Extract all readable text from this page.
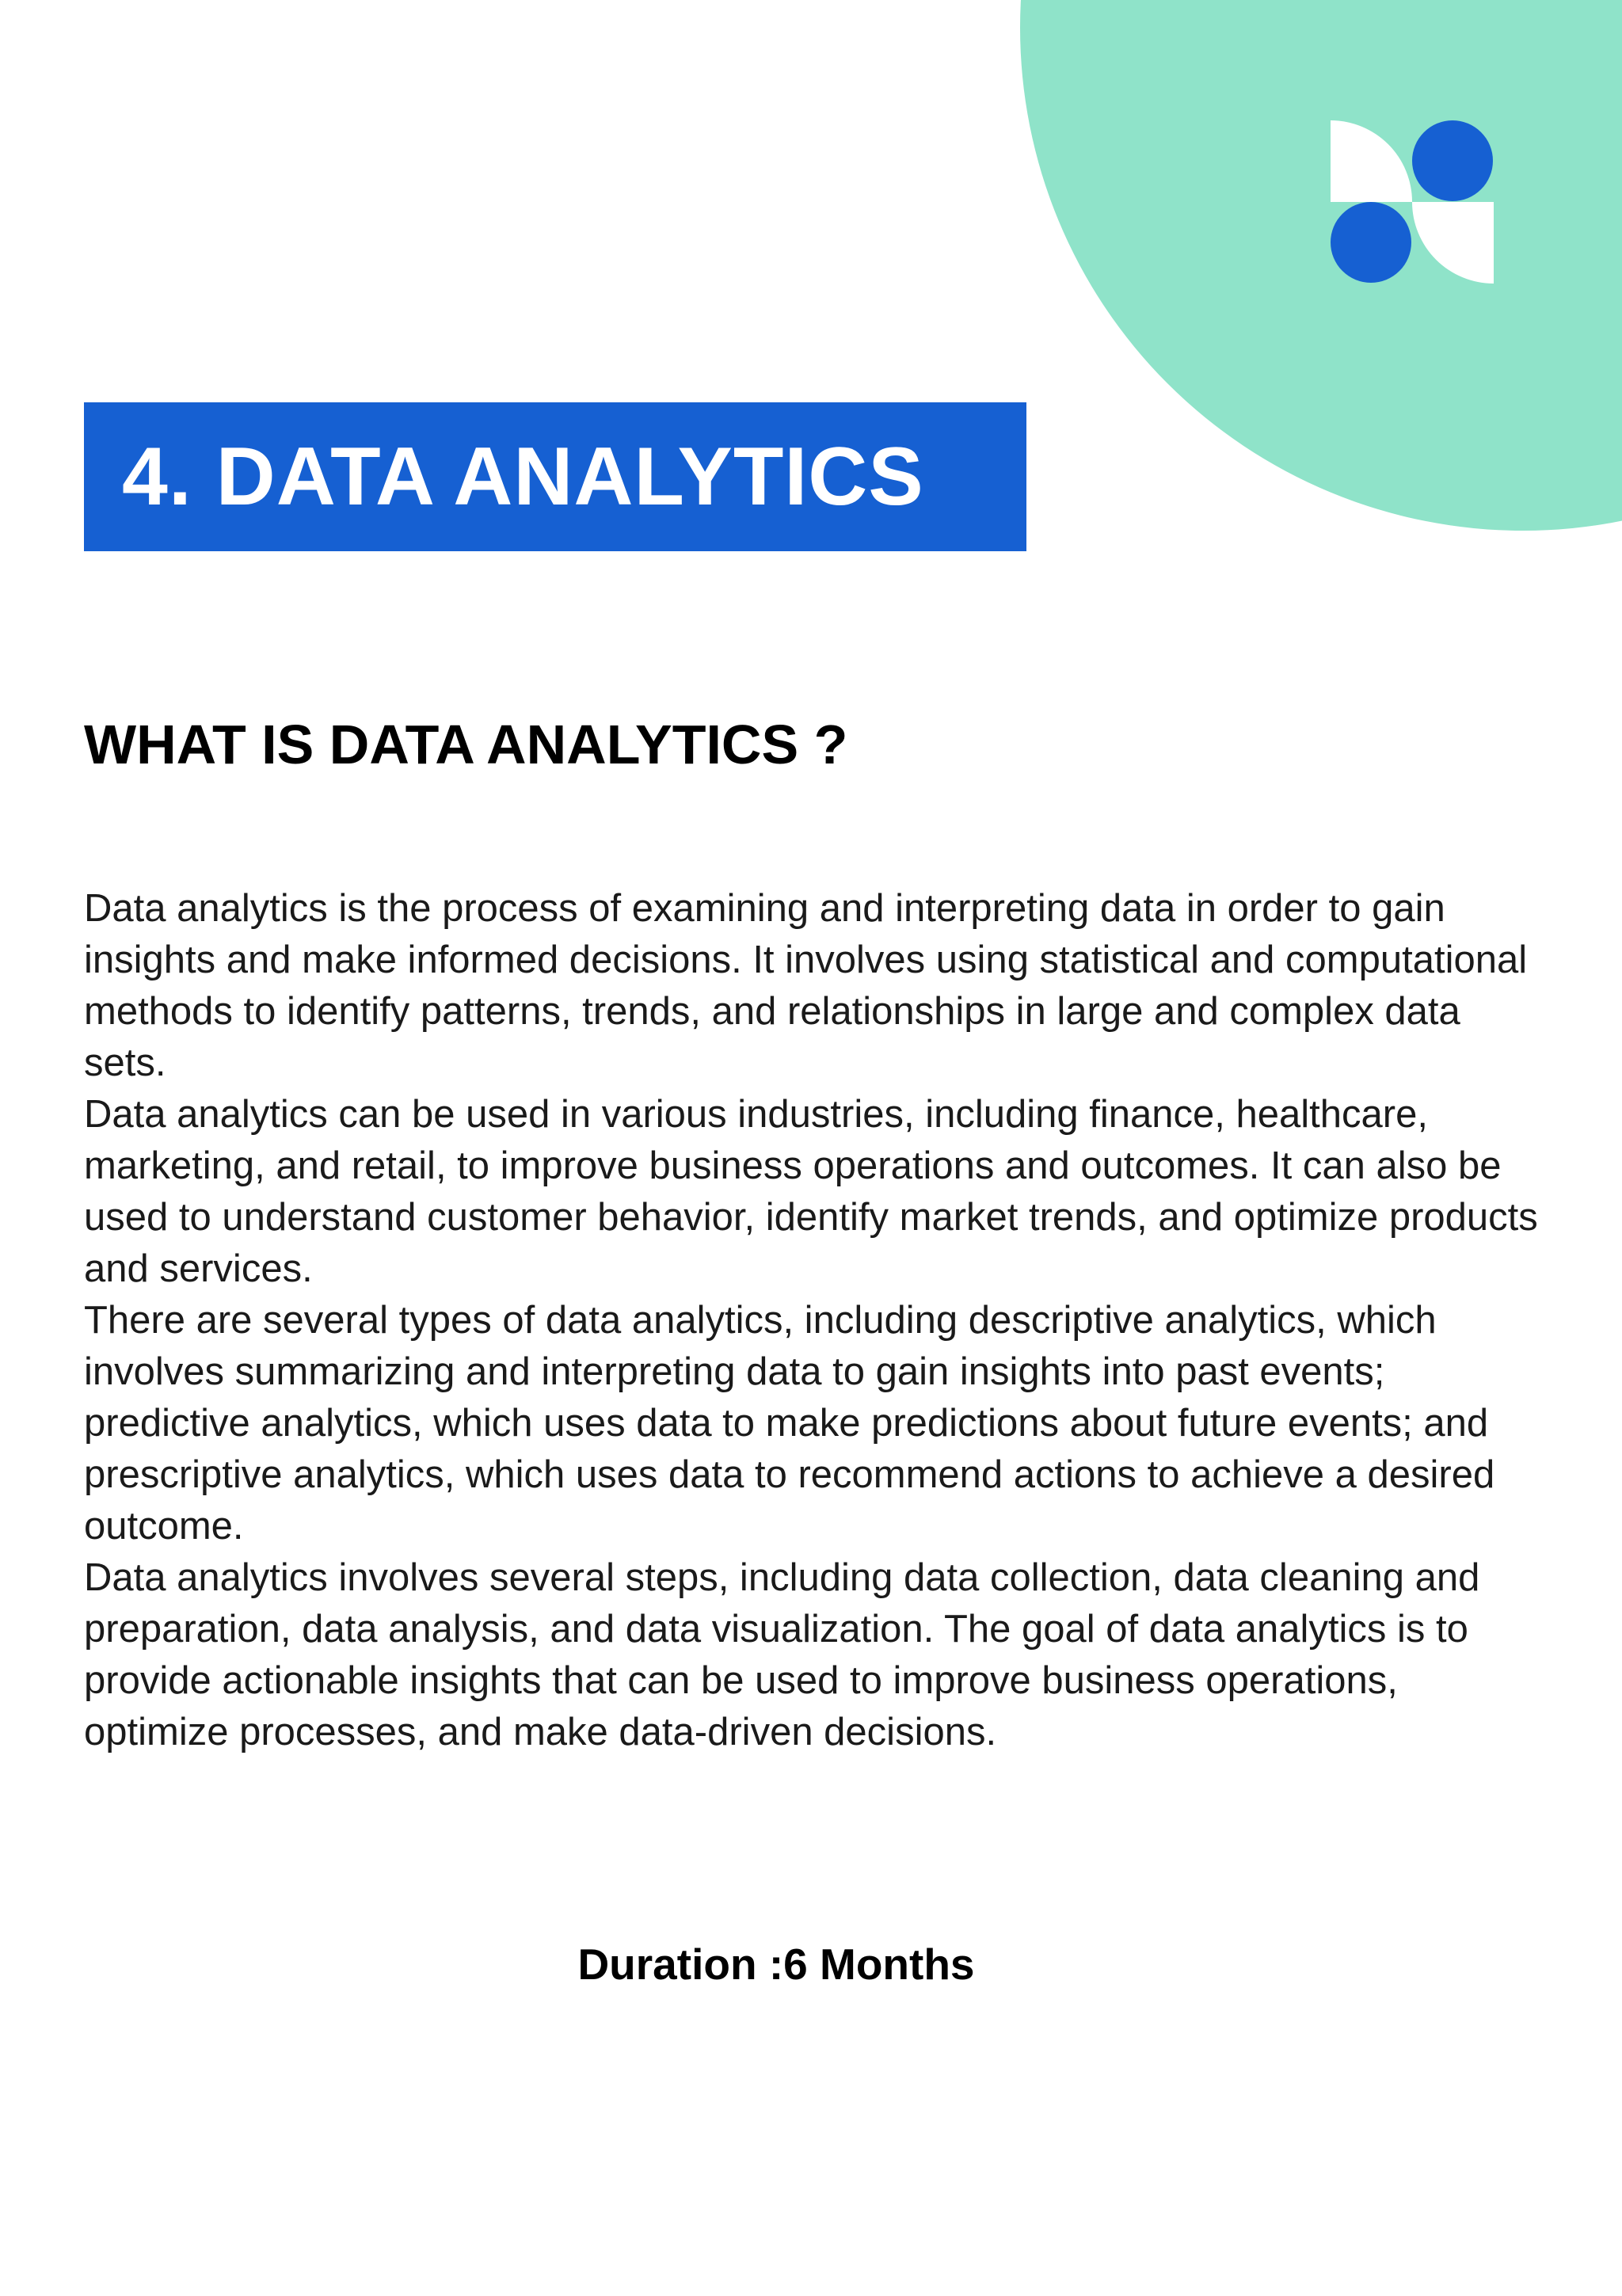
4. DATA ANALYTICS
WHAT IS DATA ANALYTICS ?

Data analytics is the process of examining and interpreting data in order to gain insights and make informed decisions. It involves using statistical and computational methods to identify patterns, trends, and relationships in large and complex data sets.

Data analytics can be used in various industries, including finance, healthcare, marketing, and retail, to improve business operations and outcomes. It can also be used to understand customer behavior, identify market trends, and optimize products and services.

There are several types of data analytics, including descriptive analytics, which involves summarizing and interpreting data to gain insights into past events; predictive analytics, which uses data to make predictions about future events; and prescriptive analytics, which uses data to recommend actions to achieve a desired outcome.

Data analytics involves several steps, including data collection, data cleaning and preparation, data analysis, and data visualization. The goal of data analytics is to provide actionable insights that can be used to improve business operations, optimize processes, and make data-driven decisions.

Duration :6 Months
